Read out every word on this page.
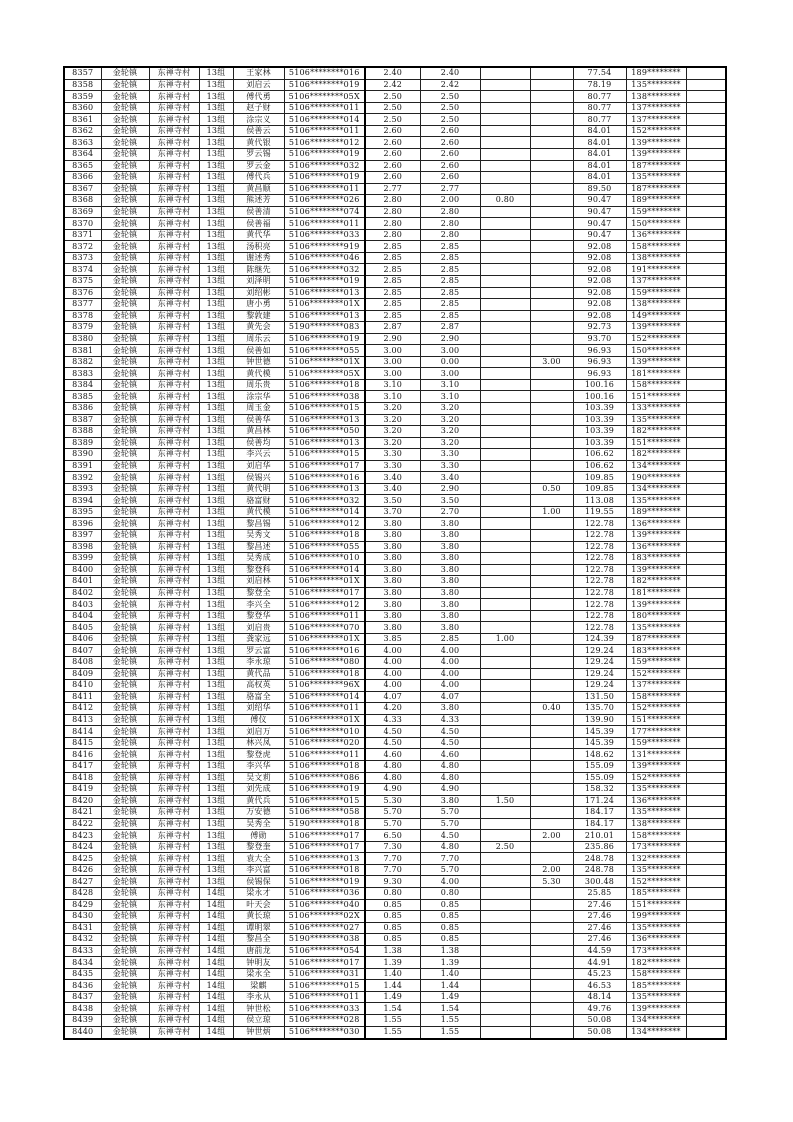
8357	金轮镇	东禅寺村	13组	王家林	5106********016	2.40	2.40			77.54	189********	
8358	金轮镇	东禅寺村	13组	刘启云	5106********019	2.42	2.42			78.19	135********	
8359	金轮镇	东禅寺村	13组	傅代勇	5106********05X	2.50	2.50			80.77	138********	
8360	金轮镇	东禅寺村	13组	赵子财	5106********011	2.50	2.50			80.77	137********	
8361	金轮镇	东禅寺村	13组	涂宗义	5106********014	2.50	2.50			80.77	137********	
8362	金轮镇	东禅寺村	13组	侯善云	5106********011	2.60	2.60			84.01	152********	
8363	金轮镇	东禅寺村	13组	黄代银	5106********012	2.60	2.60			84.01	139********	
8364	金轮镇	东禅寺村	13组	罗云锡	5106********019	2.60	2.60			84.01	139********	
8365	金轮镇	东禅寺村	13组	罗云金	5106********032	2.60	2.60			84.01	187********	
8366	金轮镇	东禅寺村	13组	傅代兵	5106********019	2.60	2.60			84.01	135********	
8367	金轮镇	东禅寺村	13组	黄昌顺	5106********011	2.77	2.77			89.50	187********	
8368	金轮镇	东禅寺村	13组	熊述芳	5106********026	2.80	2.00	0.80		90.47	189********	
8369	金轮镇	东禅寺村	13组	侯善清	5106********074	2.80	2.80			90.47	159********	
8370	金轮镇	东禅寺村	13组	侯善福	5106********011	2.80	2.80			90.47	150********	
8371	金轮镇	东禅寺村	13组	黄代华	5106********033	2.80	2.80			90.47	136********	
8372	金轮镇	东禅寺村	13组	汤积亮	5106********919	2.85	2.85			92.08	158********	
8373	金轮镇	东禅寺村	13组	谢述秀	5106********046	2.85	2.85			92.08	138********	
8374	金轮镇	东禅寺村	13组	陈继先	5106********032	2.85	2.85			92.08	191********	
8375	金轮镇	东禅寺村	13组	刘泽明	5106********019	2.85	2.85			92.08	137********	
8376	金轮镇	东禅寺村	13组	刘绍彬	5106********013	2.85	2.85			92.08	159********	
8377	金轮镇	东禅寺村	13组	唐小勇	5106********01X	2.85	2.85			92.08	138********	
8378	金轮镇	东禅寺村	13组	黎敦建	5106********013	2.85	2.85			92.08	149********	
8379	金轮镇	东禅寺村	13组	黄先会	5190********083	2.87	2.87			92.73	139********	
8380	金轮镇	东禅寺村	13组	周乐云	5106********019	2.90	2.90			93.70	152********	
8381	金轮镇	东禅寺村	13组	侯善如	5106********055	3.00	3.00			96.93	150********	
8382	金轮镇	东禅寺村	13组	钟世德	5106********01X	3.00	0.00		3.00	96.93	139********	
8383	金轮镇	东禅寺村	13组	黄代模	5106********05X	3.00	3.00			96.93	181********	
8384	金轮镇	东禅寺村	13组	周乐贵	5106********018	3.10	3.10			100.16	158********	
8385	金轮镇	东禅寺村	13组	涂宗华	5106********038	3.10	3.10			100.16	151********	
8386	金轮镇	东禅寺村	13组	周玉金	5106********015	3.20	3.20			103.39	133********	
8387	金轮镇	东禅寺村	13组	侯善华	5106********013	3.20	3.20			103.39	135********	
8388	金轮镇	东禅寺村	13组	黄昌林	5106********050	3.20	3.20			103.39	182********	
8389	金轮镇	东禅寺村	13组	侯善均	5106********013	3.20	3.20			103.39	151********	
8390	金轮镇	东禅寺村	13组	李兴云	5106********015	3.30	3.30			106.62	182********	
8391	金轮镇	东禅寺村	13组	刘启华	5106********017	3.30	3.30			106.62	134********	
8392	金轮镇	东禅寺村	13组	侯锡兴	5106********016	3.40	3.40			109.85	190********	
8393	金轮镇	东禅寺村	13组	黄代明	5106********013	3.40	2.90		0.50	109.85	134********	
8394	金轮镇	东禅寺村	13组	骆富财	5106********032	3.50	3.50			113.08	135********	
8395	金轮镇	东禅寺村	13组	黄代模	5106********014	3.70	2.70		1.00	119.55	189********	
8396	金轮镇	东禅寺村	13组	黎昌锡	5106********012	3.80	3.80			122.78	136********	
8397	金轮镇	东禅寺村	13组	吴秀文	5106********018	3.80	3.80			122.78	139********	
8398	金轮镇	东禅寺村	13组	黎昌述	5106********055	3.80	3.80			122.78	136********	
8399	金轮镇	东禅寺村	13组	吴秀成	5106********010	3.80	3.80			122.78	183********	
8400	金轮镇	东禅寺村	13组	黎登科	5106********014	3.80	3.80			122.78	139********	
8401	金轮镇	东禅寺村	13组	刘启林	5106********01X	3.80	3.80			122.78	182********	
8402	金轮镇	东禅寺村	13组	黎登全	5106********017	3.80	3.80			122.78	181********	
8403	金轮镇	东禅寺村	13组	李兴全	5106********012	3.80	3.80			122.78	139********	
8404	金轮镇	东禅寺村	13组	黎登华	5106********011	3.80	3.80			122.78	180********	
8405	金轮镇	东禅寺村	13组	刘启贵	5106********070	3.80	3.80			122.78	135********	
8406	金轮镇	东禅寺村	13组	龚家远	5106********01X	3.85	2.85	1.00		124.39	187********	
8407	金轮镇	东禅寺村	13组	罗云富	5106********016	4.00	4.00			129.24	183********	
8408	金轮镇	东禅寺村	13组	李永琼	5106********080	4.00	4.00			129.24	159********	
8409	金轮镇	东禅寺村	13组	黄代品	5106********018	4.00	4.00			129.24	152********	
8410	金轮镇	东禅寺村	13组	高权英	5106********96X	4.00	4.00			129.24	137********	
8411	金轮镇	东禅寺村	13组	骆富全	5106********014	4.07	4.07			131.50	158********	
8412	金轮镇	东禅寺村	13组	刘绍华	5106********011	4.20	3.80		0.40	135.70	152********	
8413	金轮镇	东禅寺村	13组	傅仪	5106********01X	4.33	4.33			139.90	151********	
8414	金轮镇	东禅寺村	13组	刘启万	5106********010	4.50	4.50			145.39	177********	
8415	金轮镇	东禅寺村	13组	林兴凤	5106********020	4.50	4.50			145.39	159********	
8416	金轮镇	东禅寺村	13组	黎登虎	5106********011	4.60	4.60			148.62	131********	
8417	金轮镇	东禅寺村	13组	李兴华	5106********018	4.80	4.80			155.09	139********	
8418	金轮镇	东禅寺村	13组	吴文莉	5106********086	4.80	4.80			155.09	152********	
8419	金轮镇	东禅寺村	13组	刘先成	5106********019	4.90	4.90			158.32	135********	
8420	金轮镇	东禅寺村	13组	黄代兵	5106********015	5.30	3.80	1.50		171.24	136********	
8421	金轮镇	东禅寺村	13组	万安德	5106********058	5.70	5.70			184.17	135********	
8422	金轮镇	东禅寺村	13组	吴秀全	5190********018	5.70	5.70			184.17	138********	
8423	金轮镇	东禅寺村	13组	傅勋	5106********017	6.50	4.50		2.00	210.01	158********	
8424	金轮镇	东禅寺村	13组	黎登奎	5106********017	7.30	4.80	2.50		235.86	173********	
8425	金轮镇	东禅寺村	13组	袁大全	5106********013	7.70	7.70			248.78	132********	
8426	金轮镇	东禅寺村	13组	李兴富	5106********018	7.70	5.70		2.00	248.78	135********	
8427	金轮镇	东禅寺村	13组	侯锡保	5106********019	9.30	4.00		5.30	300.48	152********	
8428	金轮镇	东禅寺村	14组	梁永才	5106********036	0.80	0.80			25.85	185********	
8429	金轮镇	东禅寺村	14组	叶天会	5106********040	0.85	0.85			27.46	151********	
8430	金轮镇	东禅寺村	14组	黄长琼	5106********02X	0.85	0.85			27.46	199********	
8431	金轮镇	东禅寺村	14组	谭明翠	5106********027	0.85	0.85			27.46	135********	
8432	金轮镇	东禅寺村	14组	黎昌全	5190********038	0.85	0.85			27.46	136********	
8433	金轮镇	东禅寺村	14组	唐前龙	5106********054	1.38	1.38			44.59	173********	
8434	金轮镇	东禅寺村	14组	钟明友	5106********017	1.39	1.39			44.91	182********	
8435	金轮镇	东禅寺村	14组	梁永全	5106********031	1.40	1.40			45.23	158********	
8436	金轮镇	东禅寺村	14组	梁麒	5106********015	1.44	1.44			46.53	185********	
8437	金轮镇	东禅寺村	14组	李永从	5106********011	1.49	1.49			48.14	135********	
8438	金轮镇	东禅寺村	14组	钟世松	5106********033	1.54	1.54			49.76	139********	
8439	金轮镇	东禅寺村	14组	侯立琼	5106********028	1.55	1.55			50.08	134********	
8440	金轮镇	东禅寺村	14组	钟世炳	5106********030	1.55	1.55			50.08	134********	
